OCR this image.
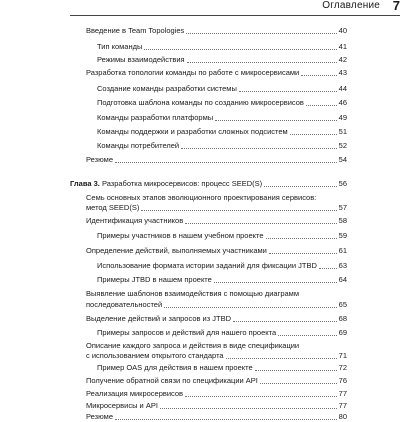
Оглавление 7
Введение в Team Topologies	40
Тип команды	41
Режимы взаимодействия	42
Разработка топологии команды по работе с микросервисами	43
Создание команды разработки системы	44
Подготовка шаблона команды по созданию микросервисов	46
Команды разработки платформы	49
Команды поддержки и разработки сложных подсистем	51
Команды потребителей	52
Резюме	54
Глава 3. Разработка микросервисов: процесс SEED(S)	56
Семь основных этапов эволюционного проектирования сервисов:
метод SEED(S)	57
Идентификация участников	58
Примеры участников в нашем учебном проекте	59
Определение действий, выполняемых участниками	61
Использование формата истории заданий для фиксации JTBD	63
Примеры JTBD в нашем проекте	64
Выявление шаблонов взаимодействия с помощью диаграмм
последовательностей	65
Выделение действий и запросов из JTBD	68
Примеры запросов и действий для нашего проекта	69
Описание каждого запроса и действия в виде спецификации
с использованием открытого стандарта	71
Пример OAS для действия в нашем проекте	72
Получение обратной связи по спецификации API	76
Реализация микросервисов	77
Микросервисы и API	77
Резюме	80
